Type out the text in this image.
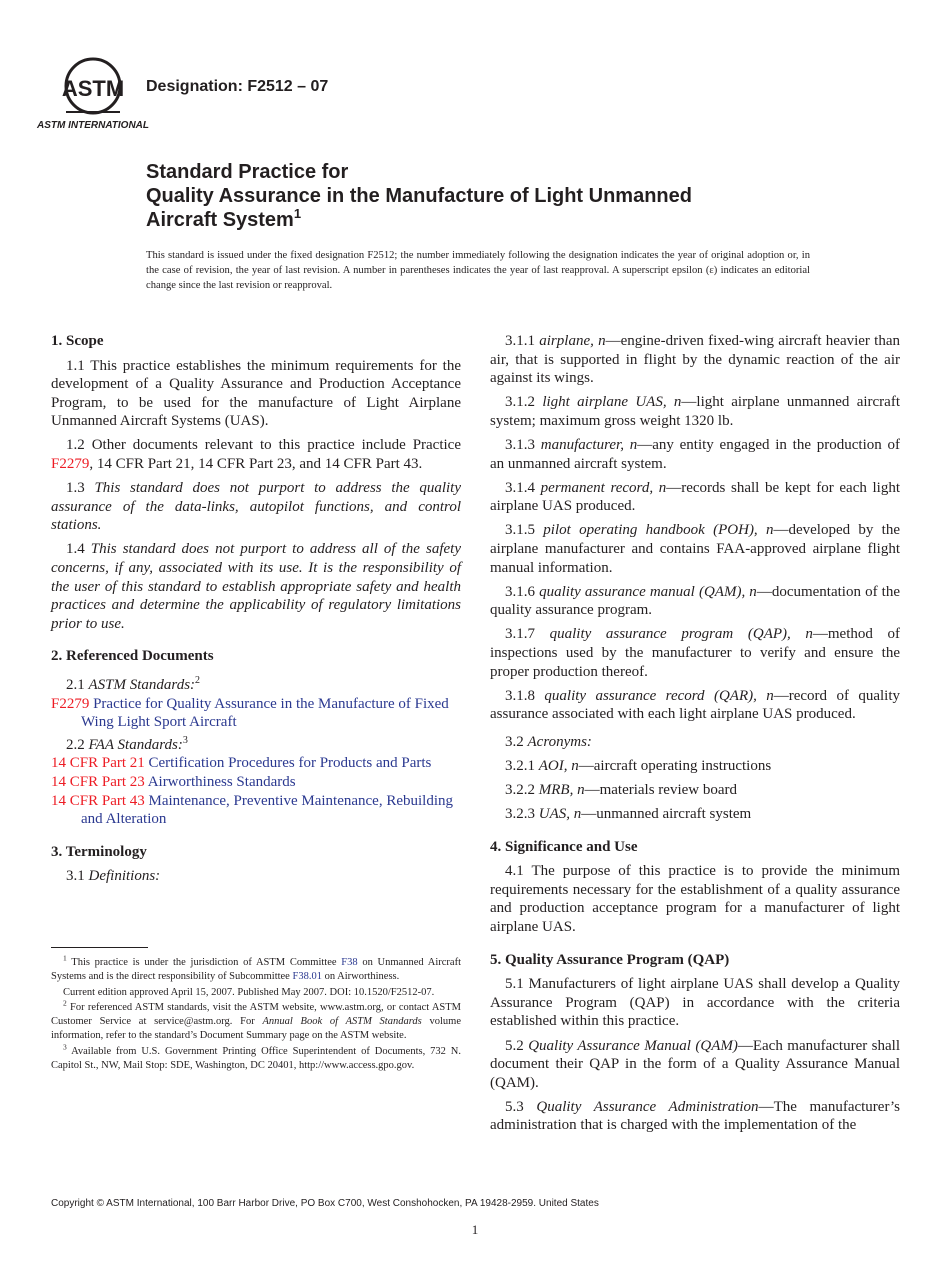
ASTM
ASTM INTERNATIONAL
Designation: F2512 – 07
Standard Practice for
Quality Assurance in the Manufacture of Light Unmanned
Aircraft System$^1$
This standard is issued under the fixed designation F2512; the number immediately following the designation indicates the year of original adoption or, in the case of revision, the year of last revision. A number in parentheses indicates the year of last reapproval. A superscript epsilon (ε) indicates an editorial change since the last revision or reapproval.
1. Scope

1.1 This practice establishes the minimum requirements for the development of a Quality Assurance and Production Acceptance Program, to be used for the manufacture of Light Airplane Unmanned Aircraft Systems (UAS).

1.2 Other documents relevant to this practice include Practice F2279, 14 CFR Part 21, 14 CFR Part 23, and 14 CFR Part 43.

1.3 This standard does not purport to address the quality assurance of the data-links, autopilot functions, and control stations.

1.4 This standard does not purport to address all of the safety concerns, if any, associated with its use. It is the responsibility of the user of this standard to establish appropriate safety and health practices and determine the applicability of regulatory limitations prior to use.

2. Referenced Documents

2.1 ASTM Standards:$^2$

F2279 Practice for Quality Assurance in the Manufacture of Fixed Wing Light Sport Aircraft

2.2 FAA Standards:$^3$

14 CFR Part 21 Certification Procedures for Products and Parts

14 CFR Part 23 Airworthiness Standards

14 CFR Part 43 Maintenance, Preventive Maintenance, Rebuilding and Alteration

3. Terminology

3.1 Definitions:

$^1$ This practice is under the jurisdiction of ASTM Committee F38 on Unmanned Aircraft Systems and is the direct responsibility of Subcommittee F38.01 on Airworthiness.

Current edition approved April 15, 2007. Published May 2007. DOI: 10.1520/F2512-07.

$^2$ For referenced ASTM standards, visit the ASTM website, www.astm.org, or contact ASTM Customer Service at service@astm.org. For Annual Book of ASTM Standards volume information, refer to the standard’s Document Summary page on the ASTM website.

$^3$ Available from U.S. Government Printing Office Superintendent of Documents, 732 N. Capitol St., NW, Mail Stop: SDE, Washington, DC 20401, http://www.access.gpo.gov.

3.1.1 airplane, n—engine-driven fixed-wing aircraft heavier than air, that is supported in flight by the dynamic reaction of the air against its wings.

3.1.2 light airplane UAS, n—light airplane unmanned aircraft system; maximum gross weight 1320 lb.

3.1.3 manufacturer, n—any entity engaged in the production of an unmanned aircraft system.

3.1.4 permanent record, n—records shall be kept for each light airplane UAS produced.

3.1.5 pilot operating handbook (POH), n—developed by the airplane manufacturer and contains FAA-approved airplane flight manual information.

3.1.6 quality assurance manual (QAM), n—documentation of the quality assurance program.

3.1.7 quality assurance program (QAP), n—method of inspections used by the manufacturer to verify and ensure the proper production thereof.

3.1.8 quality assurance record (QAR), n—record of quality assurance associated with each light airplane UAS produced.

3.2 Acronyms:

3.2.1 AOI, n—aircraft operating instructions

3.2.2 MRB, n—materials review board

3.2.3 UAS, n—unmanned aircraft system

4. Significance and Use

4.1 The purpose of this practice is to provide the minimum requirements necessary for the establishment of a quality assurance and production acceptance program for a manufacturer of light airplane UAS.

5. Quality Assurance Program (QAP)

5.1 Manufacturers of light airplane UAS shall develop a Quality Assurance Program (QAP) in accordance with the criteria established within this practice.

5.2 Quality Assurance Manual (QAM)—Each manufacturer shall document their QAP in the form of a Quality Assurance Manual (QAM).

5.3 Quality Assurance Administration—The manufacturer’s administration that is charged with the implementation of the

Copyright © ASTM International, 100 Barr Harbor Drive, PO Box C700, West Conshohocken, PA 19428-2959. United States
1
